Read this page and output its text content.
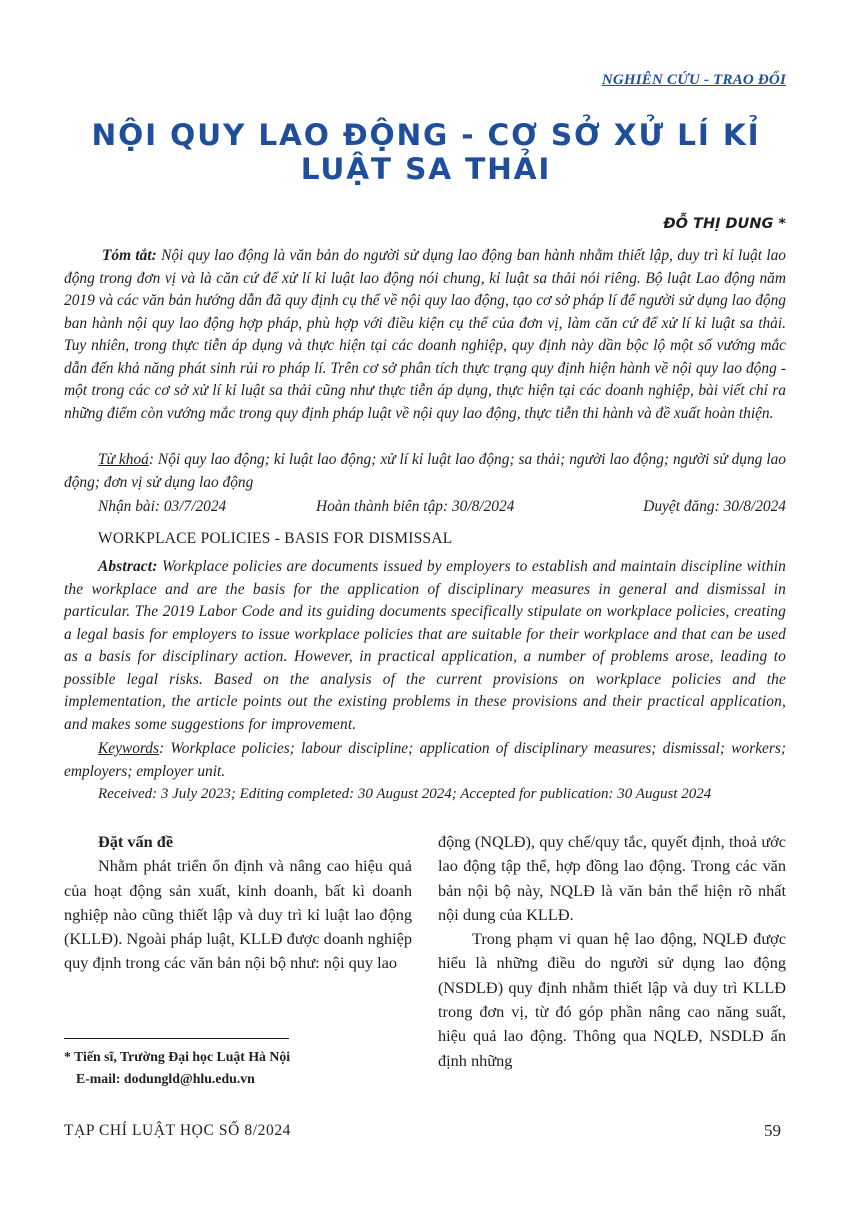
NGHIÊN CỨU - TRAO ĐỔI
NỘI QUY LAO ĐỘNG - CƠ SỞ XỬ LÍ KỈ LUẬT SA THẢI
ĐỖ THỊ DUNG *
Tóm tắt: Nội quy lao động là văn bản do người sử dụng lao động ban hành nhằm thiết lập, duy trì kỉ luật lao động trong đơn vị và là căn cứ để xử lí kỉ luật lao động nói chung, kỉ luật sa thải nói riêng. Bộ luật Lao động năm 2019 và các văn bản hướng dẫn đã quy định cụ thể về nội quy lao động, tạo cơ sở pháp lí để người sử dụng lao động ban hành nội quy lao động hợp pháp, phù hợp với điều kiện cụ thể của đơn vị, làm căn cứ để xử lí kỉ luật sa thải. Tuy nhiên, trong thực tiễn áp dụng và thực hiện tại các doanh nghiệp, quy định này dần bộc lộ một số vướng mắc dẫn đến khả năng phát sinh rủi ro pháp lí. Trên cơ sở phân tích thực trạng quy định hiện hành về nội quy lao động - một trong các cơ sở xử lí kỉ luật sa thải cũng như thực tiễn áp dụng, thực hiện tại các doanh nghiệp, bài viết chỉ ra những điểm còn vướng mắc trong quy định pháp luật về nội quy lao động, thực tiễn thi hành và đề xuất hoàn thiện.
Từ khoá: Nội quy lao động; kỉ luật lao động; xử lí kỉ luật lao động; sa thải; người lao động; người sử dụng lao động; đơn vị sử dụng lao động
Nhận bài: 03/7/2024	Hoàn thành biên tập: 30/8/2024	Duyệt đăng: 30/8/2024
WORKPLACE POLICIES - BASIS FOR DISMISSAL
Abstract: Workplace policies are documents issued by employers to establish and maintain discipline within the workplace and are the basis for the application of disciplinary measures in general and dismissal in particular. The 2019 Labor Code and its guiding documents specifically stipulate on workplace policies, creating a legal basis for employers to issue workplace policies that are suitable for their workplace and that can be used as a basis for disciplinary action. However, in practical application, a number of problems arose, leading to possible legal risks. Based on the analysis of the current provisions on workplace policies and the implementation, the article points out the existing problems in these provisions and their practical application, and makes some suggestions for improvement.
Keywords: Workplace policies; labour discipline; application of disciplinary measures; dismissal; workers; employers; employer unit.
Received: 3 July 2023; Editing completed: 30 August 2024; Accepted for publication: 30 August 2024
Đặt vấn đề

Nhằm phát triển ổn định và nâng cao hiệu quả của hoạt động sản xuất, kinh doanh, bất kì doanh nghiệp nào cũng thiết lập và duy trì kỉ luật lao động (KLLĐ). Ngoài pháp luật, KLLĐ được doanh nghiệp quy định trong các văn bản nội bộ như: nội quy lao

động (NQLĐ), quy chế/quy tắc, quyết định, thoả ước lao động tập thể, hợp đồng lao động. Trong các văn bản nội bộ này, NQLĐ là văn bản thể hiện rõ nhất nội dung của KLLĐ.

Trong phạm vi quan hệ lao động, NQLĐ được hiểu là những điều do người sử dụng lao động (NSDLĐ) quy định nhằm thiết lập và duy trì KLLĐ trong đơn vị, từ đó góp phần nâng cao năng suất, hiệu quả lao động. Thông qua NQLĐ, NSDLĐ ấn định những

* Tiến sĩ, Trường Đại học Luật Hà Nội
E-mail: dodungld@hlu.edu.vn
TẠP CHÍ LUẬT HỌC SỐ 8/2024	59
